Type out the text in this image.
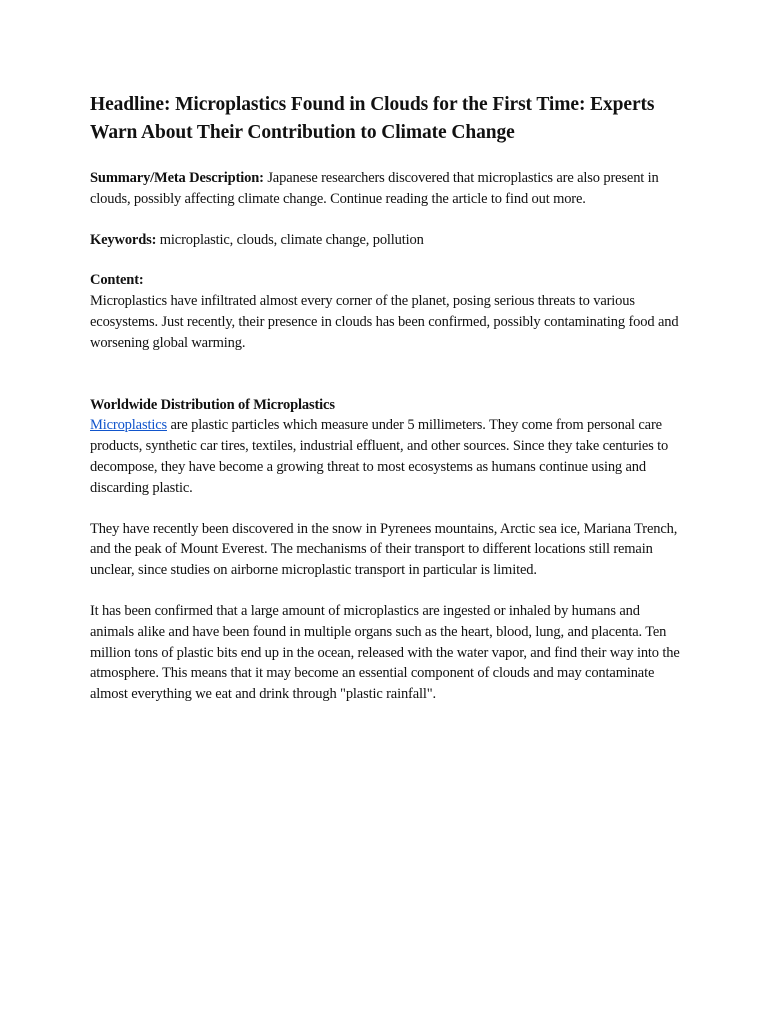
Headline: Microplastics Found in Clouds for the First Time: Experts Warn About Their Contribution to Climate Change

Summary/Meta Description: Japanese researchers discovered that microplastics are also present in clouds, possibly affecting climate change. Continue reading the article to find out more.

Keywords: microplastic, clouds, climate change, pollution

Content:

Microplastics have infiltrated almost every corner of the planet, posing serious threats to various ecosystems. Just recently, their presence in clouds has been confirmed, possibly contaminating food and worsening global warming.

Worldwide Distribution of Microplastics

Microplastics are plastic particles which measure under 5 millimeters. They come from personal care products, synthetic car tires, textiles, industrial effluent, and other sources. Since they take centuries to decompose, they have become a growing threat to most ecosystems as humans continue using and discarding plastic.

They have recently been discovered in the snow in Pyrenees mountains, Arctic sea ice, Mariana Trench, and the peak of Mount Everest. The mechanisms of their transport to different locations still remain unclear, since studies on airborne microplastic transport in particular is limited.

It has been confirmed that a large amount of microplastics are ingested or inhaled by humans and animals alike and have been found in multiple organs such as the heart, blood, lung, and placenta. Ten million tons of plastic bits end up in the ocean, released with the water vapor, and find their way into the atmosphere. This means that it may become an essential component of clouds and may contaminate almost everything we eat and drink through "plastic rainfall".
